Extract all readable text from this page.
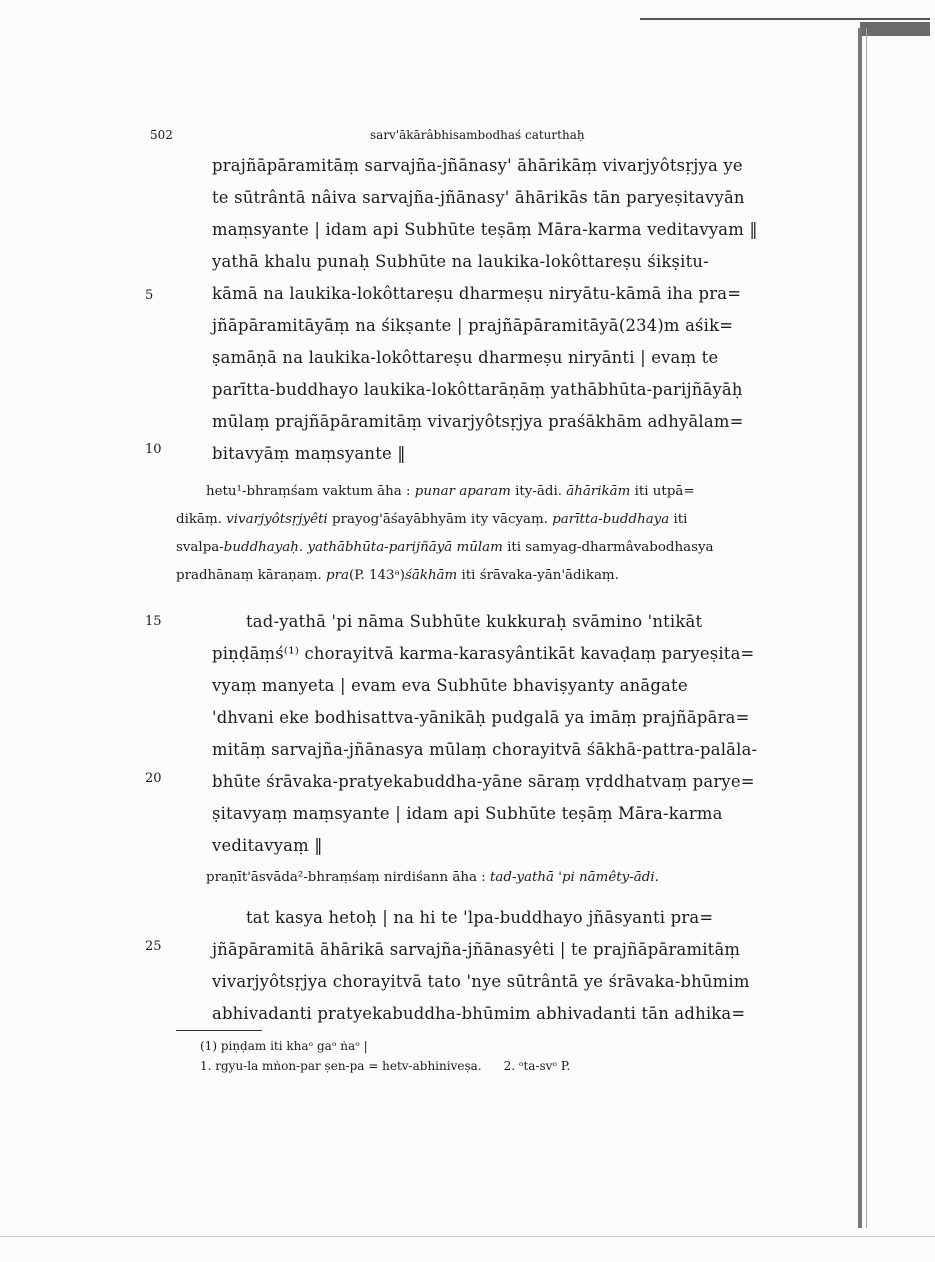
502	sarv'ākārâbhisambodhaś caturthaḥ
5
10
15
20
25
prajñāpāramitāṃ sarvajña-jñānasy' āhārikāṃ vivarjyôtsṛjya ye
te sūtrântā nâiva sarvajña-jñānasy' āhārikās tān paryeṣitavyān
maṃsyante | idam api Subhūte teṣāṃ Māra-karma veditavyam ‖
yathā khalu punaḥ Subhūte na laukika-lokôttareṣu śikṣitu-
kāmā na laukika-lokôttareṣu dharmeṣu niryātu-kāmā iha pra=
jñāpāramitāyāṃ na śikṣante | prajñāpāramitāyā(234)m aśik=
ṣamāṇā na laukika-lokôttareṣu dharmeṣu niryānti | evaṃ te
parītta-buddhayo laukika-lokôttarāṇāṃ yathābhūta-parijñāyāḥ
mūlaṃ prajñāpāramitāṃ vivarjyôtsṛjya praśākhām adhyālam=
bitavyāṃ maṃsyante ‖
hetu¹-bhraṃśam vaktum āha : punar aparam ity-ādi. āhārikām iti utpā=
dikāṃ. vivarjyôtsṛjyêti prayog'āśayābhyām ity vācyaṃ. parītta-buddhaya iti
svalpa-buddhayaḥ. yathābhūta-parijñāyā mūlam iti samyag-dharmâvabodhasya
pradhānaṃ kāraṇaṃ. pra(P. 143ᵃ)śākhām iti śrāvaka-yān'ādikaṃ.
tad-yathā 'pi nāma Subhūte kukkuraḥ svāmino 'ntikāt
piṇḍāṃś⁽¹⁾ chorayitvā karma-karasyântikāt kavaḍaṃ paryeṣita=
vyaṃ manyeta | evam eva Subhūte bhaviṣyanty anāgate
'dhvani eke bodhisattva-yānikāḥ pudgalā ya imāṃ prajñāpāra=
mitāṃ sarvajña-jñānasya mūlaṃ chorayitvā śākhā-pattra-palāla-
bhūte śrāvaka-pratyekabuddha-yāne sāraṃ vṛddhatvaṃ parye=
ṣitavyaṃ maṃsyante | idam api Subhūte teṣāṃ Māra-karma
veditavyaṃ ‖
praṇīt'āsvāda²-bhraṃśaṃ nirdiśann āha : tad-yathā 'pi nāmêty-ādi.
tat kasya hetoḥ | na hi te 'lpa-buddhayo jñāsyanti pra=
jñāpāramitā āhārikā sarvajña-jñānasyêti | te prajñāpāramitāṃ
vivarjyôtsṛjya chorayitvā tato 'nye sūtrântā ye śrāvaka-bhūmim
abhivadanti pratyekabuddha-bhūmim abhivadanti tān adhika=
(1) piṇḍam iti khaᵒ gaᵒ ṅaᵒ |
1. rgyu-la mṅon-par ṣen-pa = hetv-abhiniveṣa. 2. ᵒta-svᵒ P.
